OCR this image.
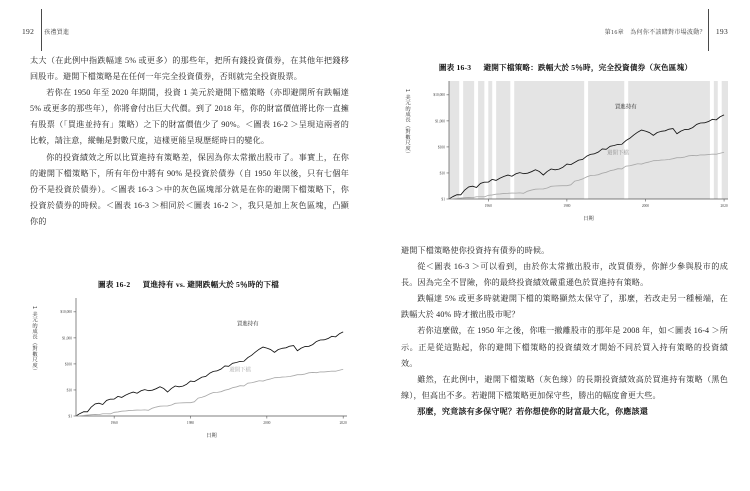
192 孩禮買進

太大（在此例中指跌幅達 5% 或更多）的那些年，把所有錢投資債券，在其他年把錢移回股市。避開下檔策略是在任何一年完全投資債券，否則就完全投資股票。

若你在 1950 年至 2020 年期間，投資 1 美元於避開下檔策略（亦即避開所有跌幅達 5% 或更多的那些年），你將會付出巨大代價。到了 2018 年，你的財富價值將比你一直擁有股票（「買進並持有」策略）之下的財富價值少了 90%。＜圖表 16-2 ＞呈現這兩者的比較，請注意，縱軸是對數尺度，這樣更能呈現歷經時日的變化。

你的投資績效之所以比買進持有策略差，保因為你太常撤出股市了。事實上，在你的避開下檔策略下，所有年份中將有 90% 是投資於債券（自 1950 年以後，只有七個年份不是投資於債券）。＜圖表 16-3 ＞中的灰色區塊部分就是在你的避開下檔策略下，你投資於債券的時候。＜圖表 16-3 ＞相同於＜圖表 16-2 ＞，我只是加上灰色區塊，凸顯你的

圖表 16-2 買進持有 vs. 避開跌幅大於 5％時的下檔
1 美元的成長（對數尺度）	$10,000
$1,000
$100
$10
$1
1960	1980	2000	2020
日期
買進持有
避開下檔
第16章　為何你不該賭對市場波動？ 193
圖表 16-3 避開下檔策略：跌幅大於 5％時，完全投資債券（灰色區塊）
1 美元的成長（對數尺度）	$10,000
$1,000
$100
$10
$1
1960	1980	2000	2020
日期
買進持有
避開下檔

避開下檔策略使你投資持有債券的時候。

從＜圖表 16-3 ＞可以看到，由於你太常撤出股市，改買債券，你鮮少參與股市的成長。因為完全不冒險，你的最終投資績效嚴重遜色於買進持有策略。

跌幅達 5% 或更多時就避開下檔的策略顯然太保守了，那麼，若改走另一種極端，在跌幅大於 40% 時才撤出股市呢？

若你這麼做，在 1950 年之後，你唯一撤離股市的那年是 2008 年，如＜圖表 16-4 ＞所示。正是從這點起，你的避開下檔策略的投資績效才開始不同於買入持有策略的投資績效。

雖然，在此例中，避開下檔策略（灰色線）的長期投資績效高於買進持有策略（黑色線），但高出不多。若避開下檔策略更加保守些，勝出的幅度會更大些。

那麼，究竟該有多保守呢？若你想使你的財富最大化，你應該還
